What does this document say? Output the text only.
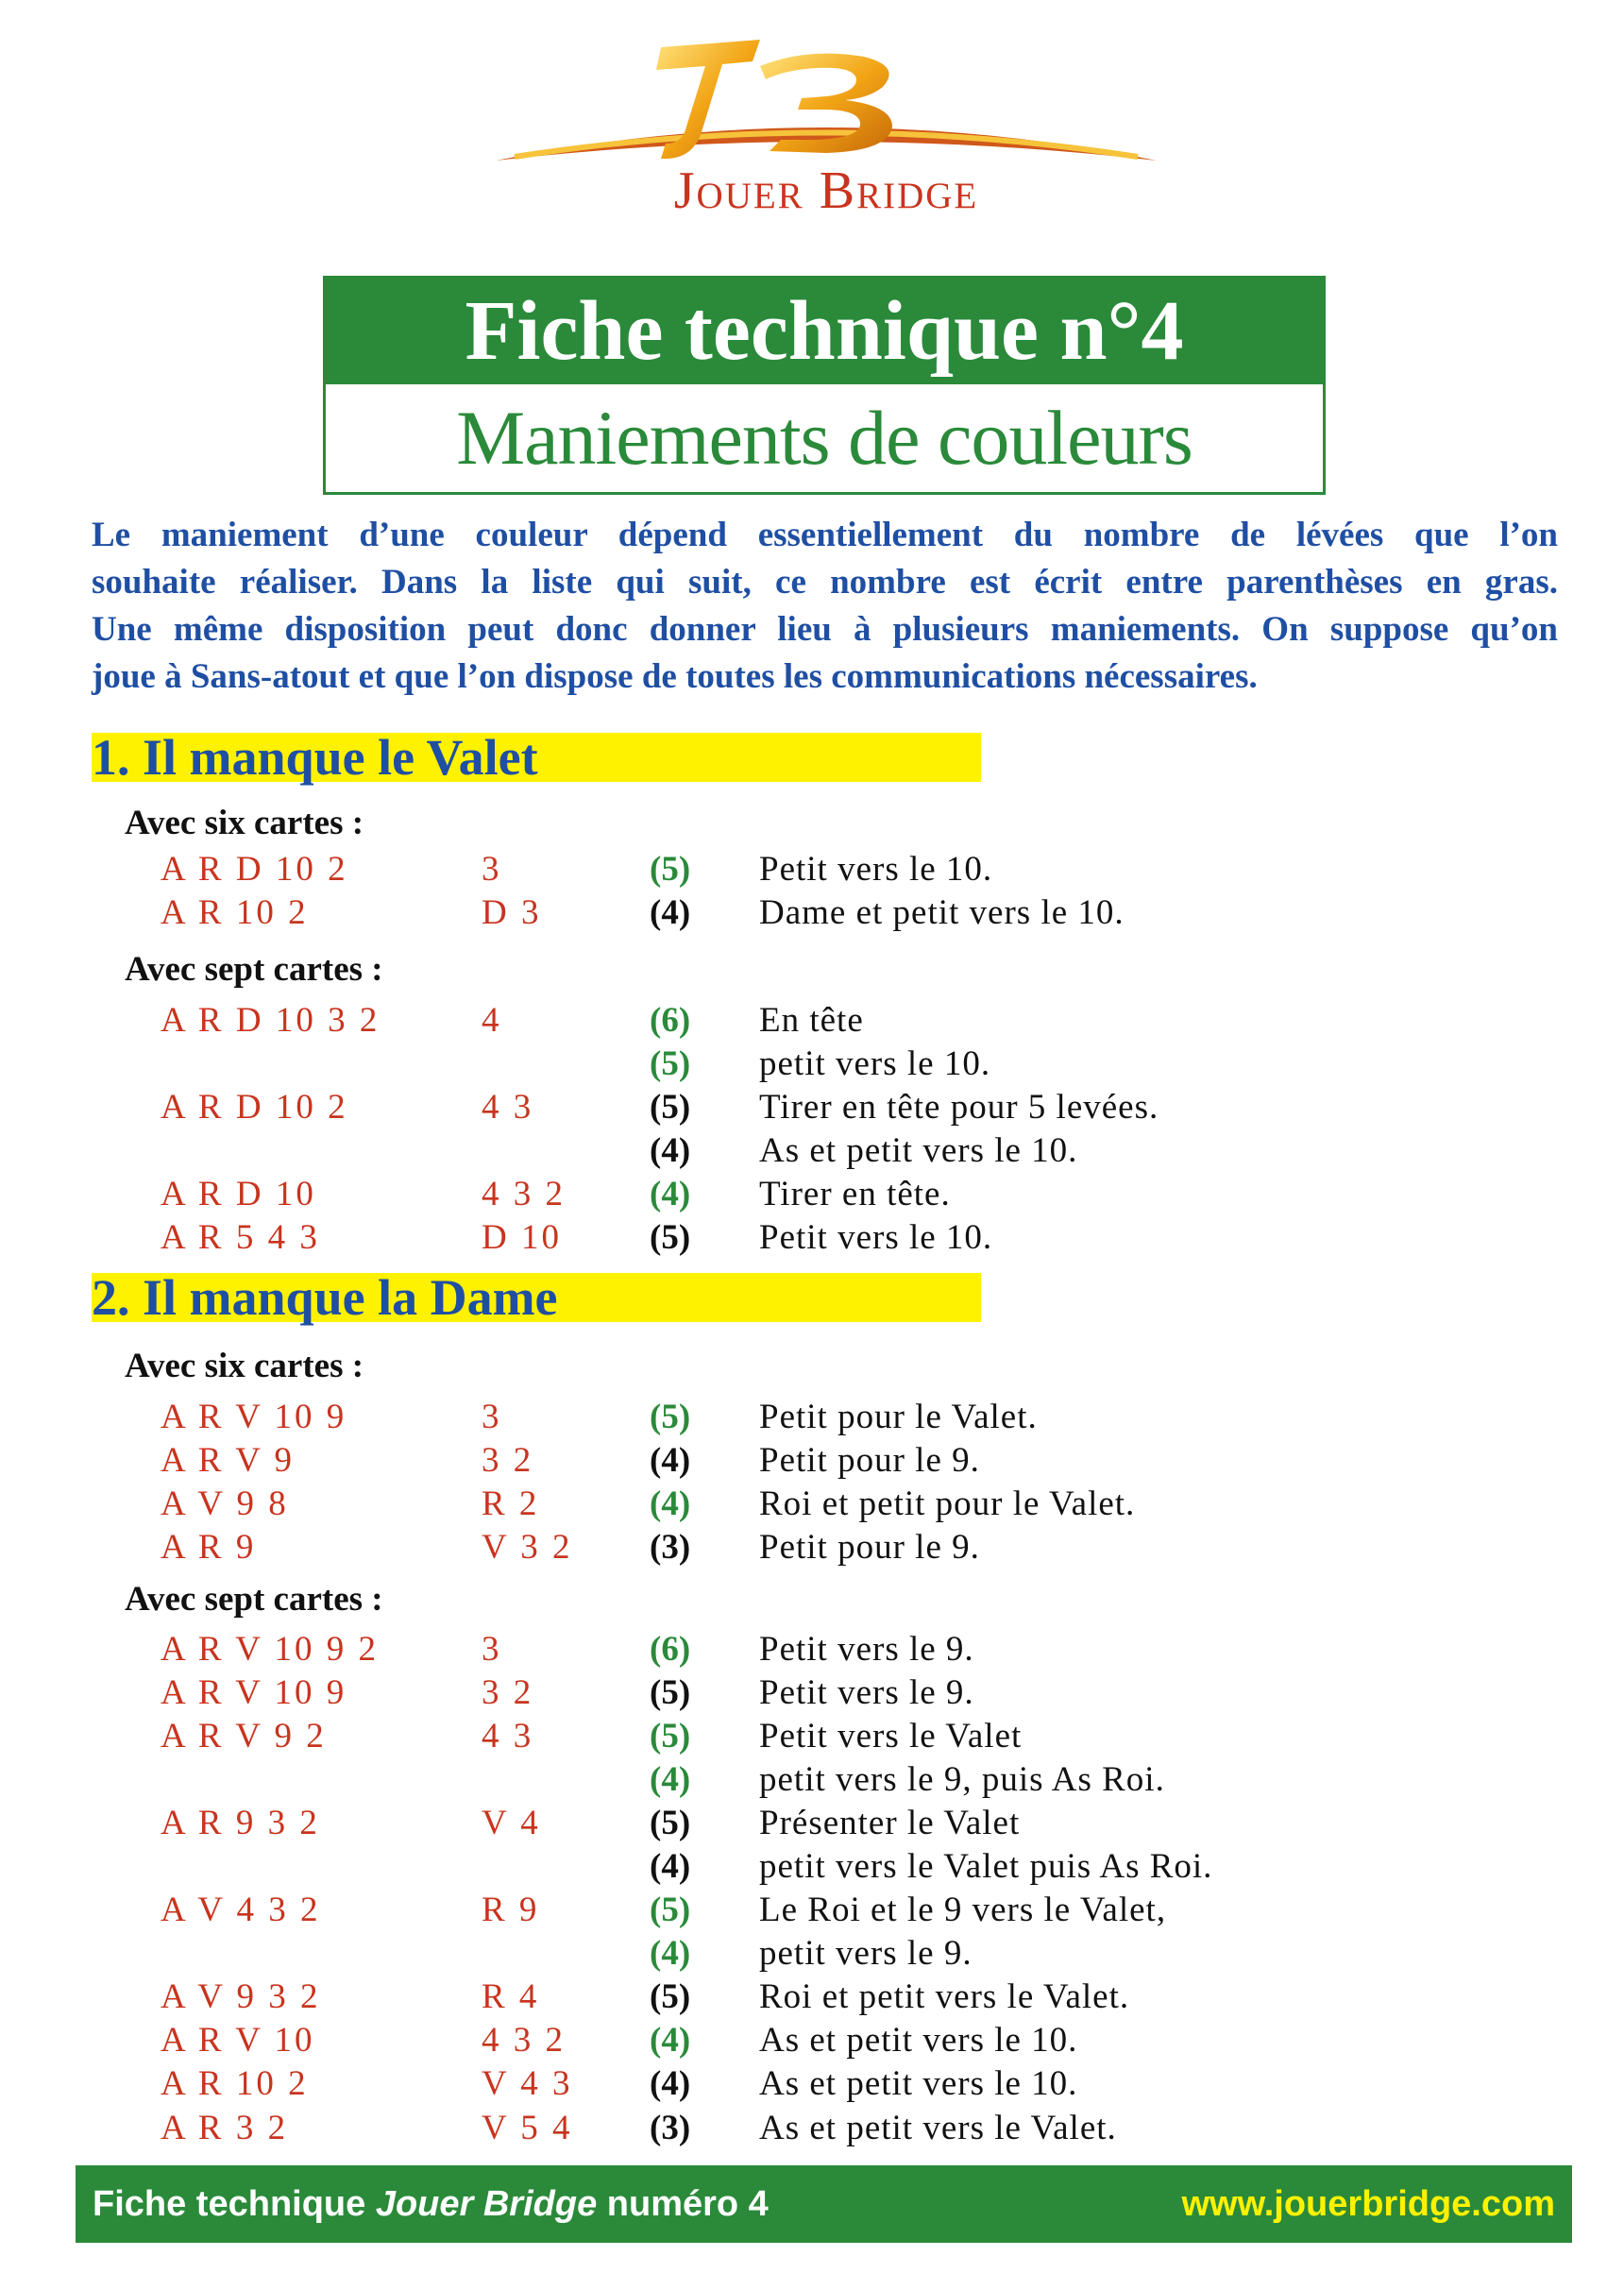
Jouer Bridge
Fiche technique n°4
Maniements de couleurs
Le maniement d’une couleur dépend essentiellement du nombre de lévées que l’on
souhaite réaliser. Dans la liste qui suit, ce nombre est écrit entre parenthèses en gras.
Une même disposition peut donc donner lieu à plusieurs maniements. On suppose qu’on
joue à Sans-atout et que l’on dispose de toutes les communications nécessaires.
1. Il manque le Valet
Avec six cartes :
A R D 10 2	3	(5) Petit vers le 10.
A R 10 2	D 3	(4) Dame et petit vers le 10.
Avec sept cartes :
A R D 10 3 2	4	(6) En tête
(5) petit vers le 10.
A R D 10 2	4 3	(5) Tirer en tête pour 5 levées.
(4) As et petit vers le 10.
A R D 10	4 3 2 (4) Tirer en tête.
A R 5 4 3	D 10	(5) Petit vers le 10.
2. Il manque la Dame
Avec six cartes :
A R V 10 9	3	(5) Petit pour le Valet.
A R V 9	3 2	(4) Petit pour le 9.
A V 9 8	R 2	(4) Roi et petit pour le Valet.
A R 9	V 3 2 (3) Petit pour le 9.
Avec sept cartes :
A R V 10 9 2	3	(6) Petit vers le 9.
A R V 10 9	3 2	(5) Petit vers le 9.
A R V 9 2	4 3	(5) Petit vers le Valet
(4) petit vers le 9, puis As Roi.
A R 9 3 2	V 4	(5) Présenter le Valet
(4) petit vers le Valet puis As Roi.
A V 4 3 2	R 9	(5) Le Roi et le 9 vers le Valet,
(4) petit vers le 9.
A V 9 3 2	R 4	(5) Roi et petit vers le Valet.
A R V 10	4 3 2 (4) As et petit vers le 10.
A R 10 2	V 4 3 (4) As et petit vers le 10.
A R 3 2	V 5 4 (3) As et petit vers le Valet.
Fiche technique Jouer Bridge numéro 4	www.jouerbridge.com
